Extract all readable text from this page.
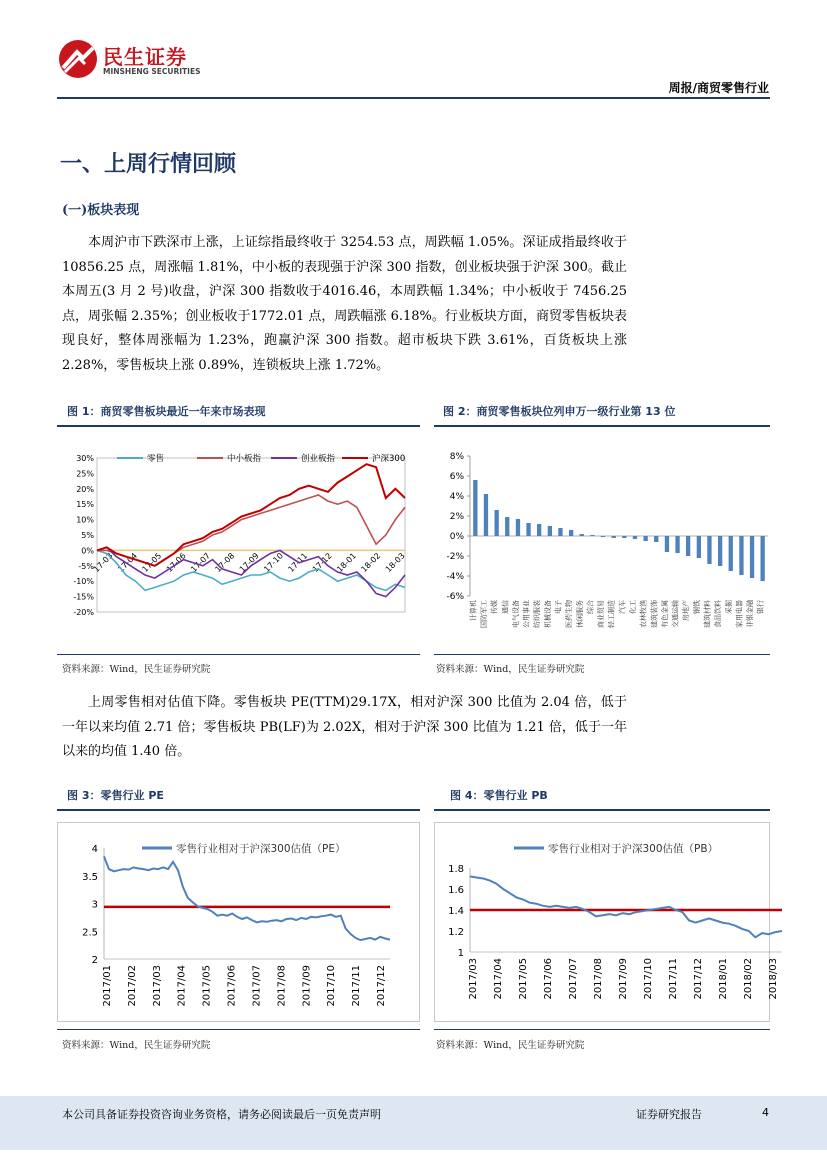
民生证券
MINSHENG SECURITIES
周报/商贸零售行业
一、上周行情回顾
(一)板块表现

本周沪市下跌深市上涨，上证综指最终收于 3254.53 点，周跌幅 1.05%。深证成指最终收于 10856.25 点，周涨幅 1.81%，中小板的表现强于沪深 300 指数，创业板块强于沪深 300。截止本周五(3 月 2 号)收盘，沪深 300 指数收于4016.46，本周跌幅 1.34%；中小板收于 7456.25 点，周张幅 2.35%；创业板收于1772.01 点，周跌幅涨 6.18%。行业板块方面，商贸零售板块表现良好，整体周涨幅为 1.23%，跑赢沪深 300 指数。超市板块下跌 3.61%，百货板块上涨 2.28%，零售板块上涨 0.89%，连锁板块上涨 1.72%。

图 1：商贸零售板块最近一年来市场表现	图 2：商贸零售板块位列申万一级行业第 13 位
30%
25%
20%
15%
10%
5%
0%
-5%
-10%
-15%
-20%
17-03 17-04 17-05 17-06 17-07 17-08 17-09 17-10 17-11 17-12 18-01 18-02 18-03
零售	中小板指	创业板指	沪深300	8%
6%
4%
2%
0%
-2%
-4%
-6%
计算机 国防军工 传媒 通信 电气设备 公用事业 纺织服装 机械设备 电子 医药生物 休闲服务 综合 商业贸易 轻工制造 汽车 化工 农林牧渔 建筑装饰 有色金属 交通运输 房地产 钢铁 建筑材料 食品饮料 采掘 家用电器 非银金融 银行
资料来源：Wind，民生证券研究院	资料来源：Wind，民生证券研究院

上周零售相对估值下降。零售板块 PE(TTM)29.17X，相对沪深 300 比值为 2.04 倍，低于一年以来均值 2.71 倍；零售板块 PB(LF)为 2.02X，相对于沪深 300 比值为 1.21 倍，低于一年以来的均值 1.40 倍。

图 3：零售行业 PE	图 4：零售行业 PB
4
3.5
3
2.5
2
2017/01 2017/02 2017/03 2017/04 2017/05 2017/06 2017/07 2017/08 2017/09 2017/10 2017/11 2017/12
零售行业相对于沪深300估值（PE）
1.8
1.6
1.4
1.2
1
2017/03 2017/04 2017/05 2017/06 2017/07 2017/08 2017/09 2017/10 2017/11 2017/12 2018/01 2018/02 2018/03
零售行业相对于沪深300估值（PB）
资料来源：Wind，民生证券研究院	资料来源：Wind，民生证券研究院
本公司具备证券投资咨询业务资格，请务必阅读最后一页免责声明	证券研究报告	4
